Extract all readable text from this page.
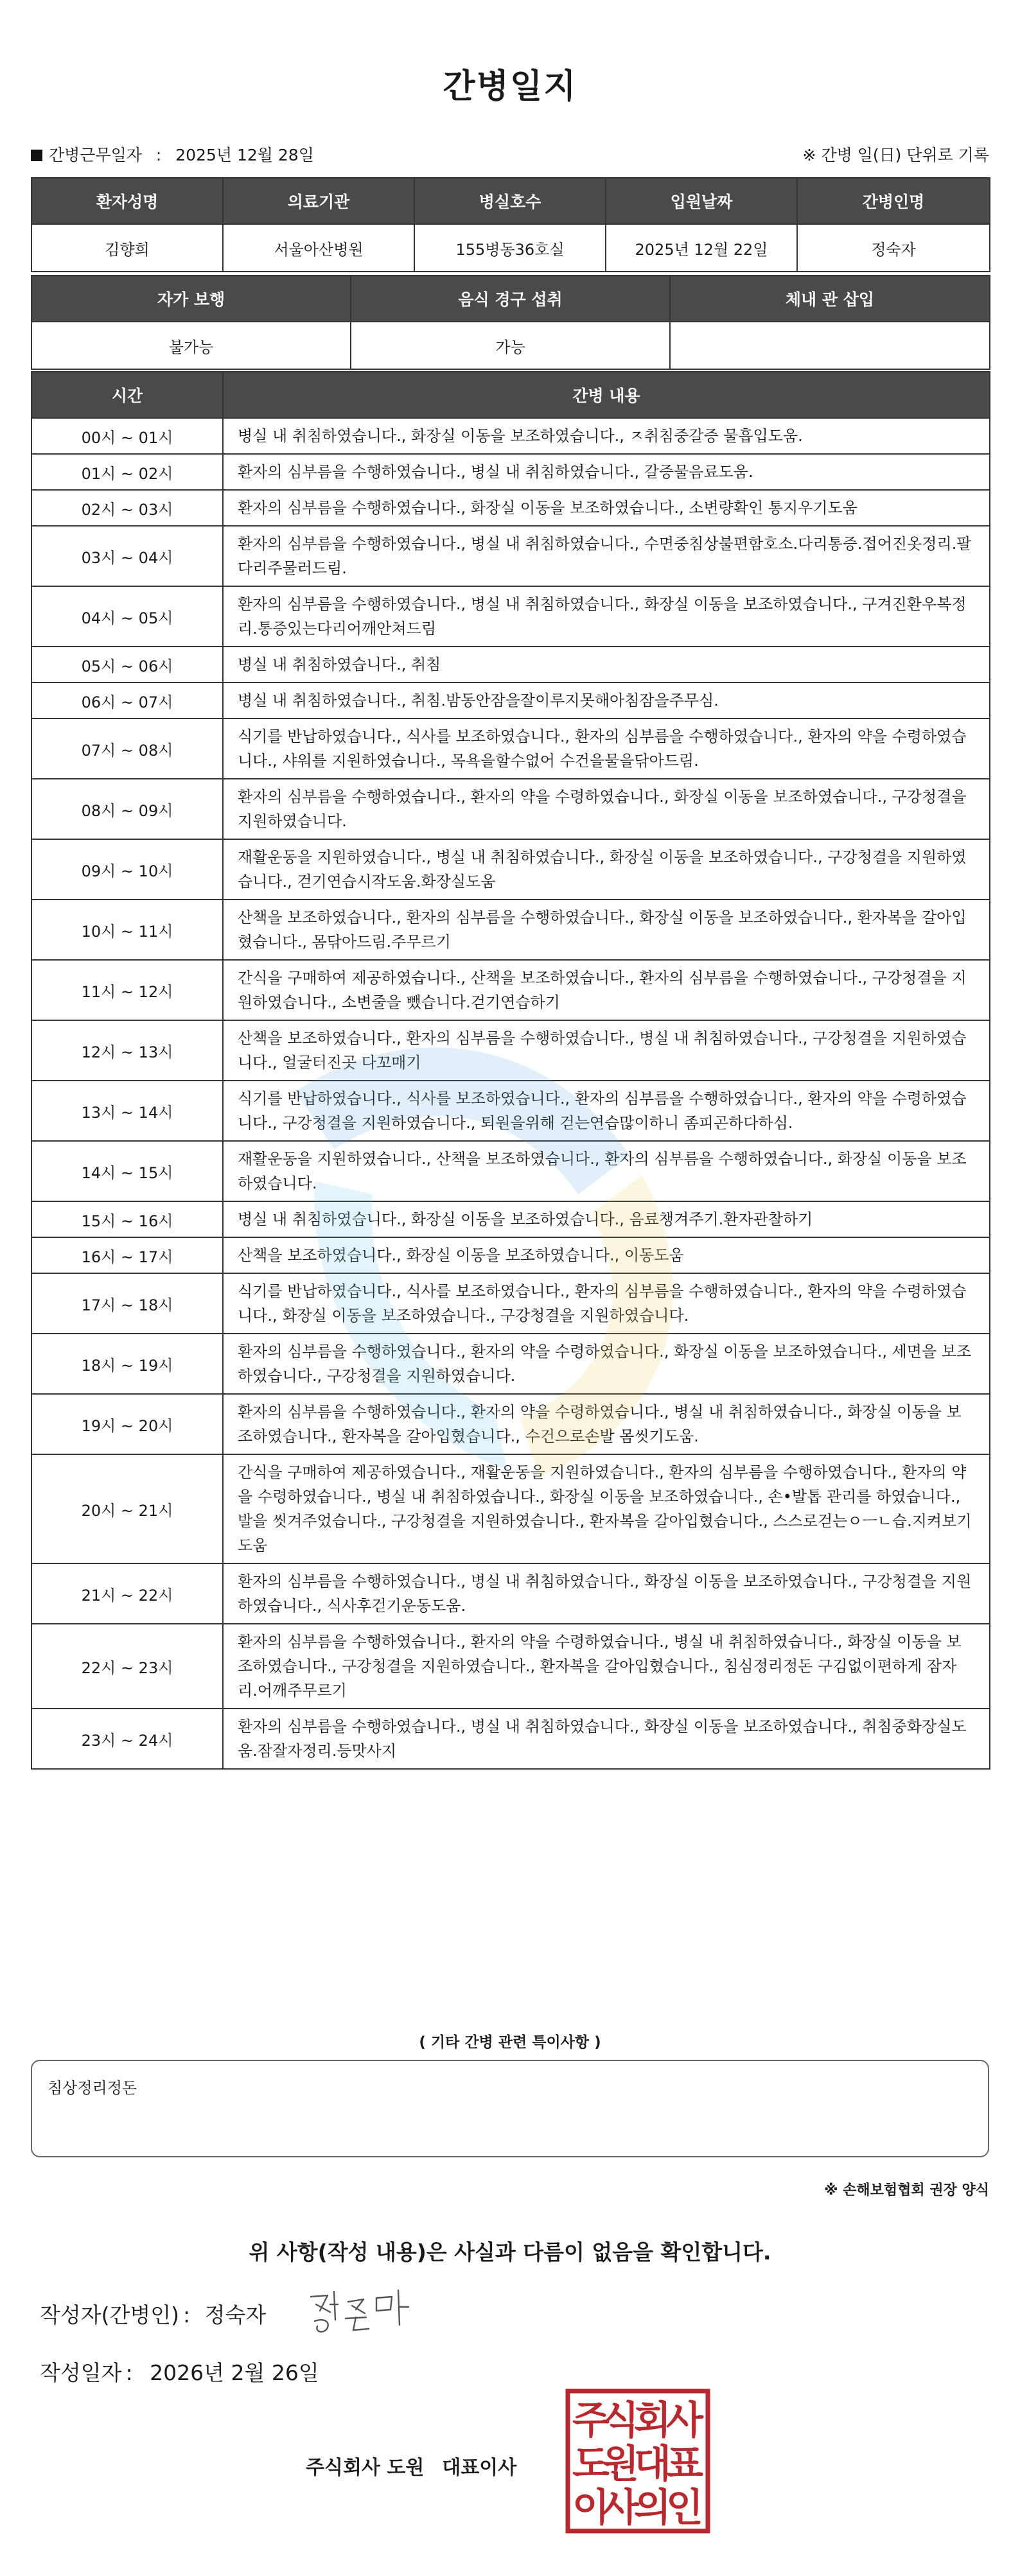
간병일지
간병근무일자 : 2025년 12월 28일	※ 간병 일(日) 단위로 기록
환자성명	의료기관	병실호수	입원날짜	간병인명
김향희	서울아산병원	155병동36호실	2025년 12월 22일	정숙자
자가 보행	음식 경구 섭취	체내 관 삽입
불가능	가능	
시간	간병 내용
00시 ~ 01시	병실 내 취침하였습니다., 화장실 이동을 보조하였습니다., ㅈ취침중갈증 물흡입도움.
01시 ~ 02시	환자의 심부름을 수행하였습니다., 병실 내 취침하였습니다., 갈증물음료도움.
02시 ~ 03시	환자의 심부름을 수행하였습니다., 화장실 이동을 보조하였습니다., 소변량확인 통지우기도움
03시 ~ 04시	환자의 심부름을 수행하였습니다., 병실 내 취침하였습니다., 수면중침상불편함호소.다리통증.접어진옷정리.팔다리주물러드림.
04시 ~ 05시	환자의 심부름을 수행하였습니다., 병실 내 취침하였습니다., 화장실 이동을 보조하였습니다., 구겨진환우복정리.통증있는다리어깨안쳐드림
05시 ~ 06시	병실 내 취침하였습니다., 취침
06시 ~ 07시	병실 내 취침하였습니다., 취침.밤동안잠을잘이루지못해아침잠을주무심.
07시 ~ 08시	식기를 반납하였습니다., 식사를 보조하였습니다., 환자의 심부름을 수행하였습니다., 환자의 약을 수령하였습니다., 샤워를 지원하였습니다., 목욕을할수없어 수건을물을닦아드림.
08시 ~ 09시	환자의 심부름을 수행하였습니다., 환자의 약을 수령하였습니다., 화장실 이동을 보조하였습니다., 구강청결을 지원하였습니다.
09시 ~ 10시	재활운동을 지원하였습니다., 병실 내 취침하였습니다., 화장실 이동을 보조하였습니다., 구강청결을 지원하였습니다., 걷기연습시작도움.화장실도움
10시 ~ 11시	산책을 보조하였습니다., 환자의 심부름을 수행하였습니다., 화장실 이동을 보조하였습니다., 환자복을 갈아입혔습니다., 몸닦아드림.주무르기
11시 ~ 12시	간식을 구매하여 제공하였습니다., 산책을 보조하였습니다., 환자의 심부름을 수행하였습니다., 구강청결을 지원하였습니다., 소변줄을 뺐습니다.걷기연습하기
12시 ~ 13시	산책을 보조하였습니다., 환자의 심부름을 수행하였습니다., 병실 내 취침하였습니다., 구강청결을 지원하였습니다., 얼굴터진곳 다꼬매기
13시 ~ 14시	식기를 반납하였습니다., 식사를 보조하였습니다., 환자의 심부름을 수행하였습니다., 환자의 약을 수령하였습니다., 구강청결을 지원하였습니다., 퇴원을위해 걷는연습많이하니 좀피곤하다하심.
14시 ~ 15시	재활운동을 지원하였습니다., 산책을 보조하였습니다., 환자의 심부름을 수행하였습니다., 화장실 이동을 보조하였습니다.
15시 ~ 16시	병실 내 취침하였습니다., 화장실 이동을 보조하였습니다., 음료챙겨주기.환자관찰하기
16시 ~ 17시	산책을 보조하였습니다., 화장실 이동을 보조하였습니다., 이동도움
17시 ~ 18시	식기를 반납하였습니다., 식사를 보조하였습니다., 환자의 심부름을 수행하였습니다., 환자의 약을 수령하였습니다., 화장실 이동을 보조하였습니다., 구강청결을 지원하였습니다.
18시 ~ 19시	환자의 심부름을 수행하였습니다., 환자의 약을 수령하였습니다., 화장실 이동을 보조하였습니다., 세면을 보조하였습니다., 구강청결을 지원하였습니다.
19시 ~ 20시	환자의 심부름을 수행하였습니다., 환자의 약을 수령하였습니다., 병실 내 취침하였습니다., 화장실 이동을 보조하였습니다., 환자복을 갈아입혔습니다., 수건으로손발 몸씻기도움.
20시 ~ 21시	간식을 구매하여 제공하였습니다., 재활운동을 지원하였습니다., 환자의 심부름을 수행하였습니다., 환자의 약을 수령하였습니다., 병실 내 취침하였습니다., 화장실 이동을 보조하였습니다., 손•발톱 관리를 하였습니다., 발을 씻겨주었습니다., 구강청결을 지원하였습니다., 환자복을 갈아입혔습니다., 스스로걷는ㅇㅡㄴ습.지켜보기도움
21시 ~ 22시	환자의 심부름을 수행하였습니다., 병실 내 취침하였습니다., 화장실 이동을 보조하였습니다., 구강청결을 지원하였습니다., 식사후걷기운동도움.
22시 ~ 23시	환자의 심부름을 수행하였습니다., 환자의 약을 수령하였습니다., 병실 내 취침하였습니다., 화장실 이동을 보조하였습니다., 구강청결을 지원하였습니다., 환자복을 갈아입혔습니다., 침심정리정돈 구김없이편하게 잠자리.어깨주무르기
23시 ~ 24시	환자의 심부름을 수행하였습니다., 병실 내 취침하였습니다., 화장실 이동을 보조하였습니다., 취침중화장실도움.잠잘자정리.등맛사지
( 기타 간병 관련 특이사항 )
침상정리정돈
※ 손해보험협회 권장 양식
위 사항(작성 내용)은 사실과 다름이 없음을 확인합니다.
작성자(간병인) : 정숙자
작성일자 : 2026년 2월 26일
주식회사 도원 대표이사
주
식
회
사
도
원
대
표
이
사
의
인
